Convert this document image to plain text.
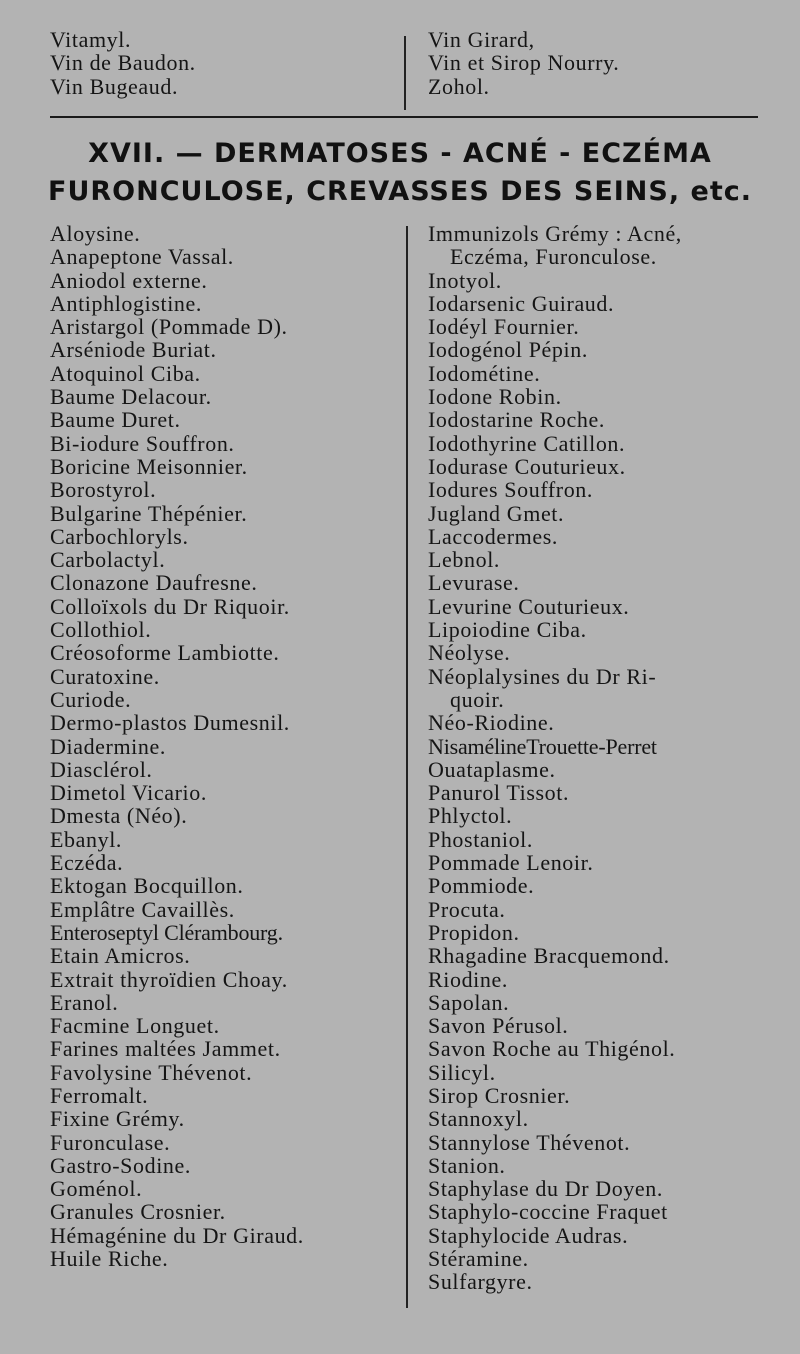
Vitamyl.
Vin de Baudon.
Vin Bugeaud.
Vin Girard,
Vin et Sirop Nourry.
Zohol.
XVII. — DERMATOSES - ACNÉ - ECZÉMA
FURONCULOSE, CREVASSES DES SEINS, etc.
Aloysine.
Anapeptone Vassal.
Aniodol externe.
Antiphlogistine.
Aristargol (Pommade D).
Arséniode Buriat.
Atoquinol Ciba.
Baume Delacour.
Baume Duret.
Bi-iodure Souffron.
Boricine Meisonnier.
Borostyrol.
Bulgarine Thépénier.
Carbochloryls.
Carbolactyl.
Clonazone Daufresne.
Colloïxols du Dr Riquoir.
Collothiol.
Créosoforme Lambiotte.
Curatoxine.
Curiode.
Dermo-plastos Dumesnil.
Diadermine.
Diasclérol.
Dimetol Vicario.
Dmesta (Néo).
Ebanyl.
Eczéda.
Ektogan Bocquillon.
Emplâtre Cavaillès.
Enteroseptyl Clérambourg.
Etain Amicros.
Extrait thyroïdien Choay.
Eranol.
Facmine Longuet.
Farines maltées Jammet.
Favolysine Thévenot.
Ferromalt.
Fixine Grémy.
Furonculase.
Gastro-Sodine.
Goménol.
Granules Crosnier.
Hémagénine du Dr Giraud.
Huile Riche.
Immunizols Grémy : Acné,
Eczéma, Furonculose.
Inotyol.
Iodarsenic Guiraud.
Iodéyl Fournier.
Iodogénol Pépin.
Iodométine.
Iodone Robin.
Iodostarine Roche.
Iodothyrine Catillon.
Iodurase Couturieux.
Iodures Souffron.
Jugland Gmet.
Laccodermes.
Lebnol.
Levurase.
Levurine Couturieux.
Lipoiodine Ciba.
Néolyse.
Néoplalysines du Dr Ri-
quoir.
Néo-Riodine.
NisamélineTrouette-Perret
Ouataplasme.
Panurol Tissot.
Phlyctol.
Phostaniol.
Pommade Lenoir.
Pommiode.
Procuta.
Propidon.
Rhagadine Bracquemond.
Riodine.
Sapolan.
Savon Pérusol.
Savon Roche au Thigénol.
Silicyl.
Sirop Crosnier.
Stannoxyl.
Stannylose Thévenot.
Stanion.
Staphylase du Dr Doyen.
Staphylo-coccine Fraquet
Staphylocide Audras.
Stéramine.
Sulfargyre.
